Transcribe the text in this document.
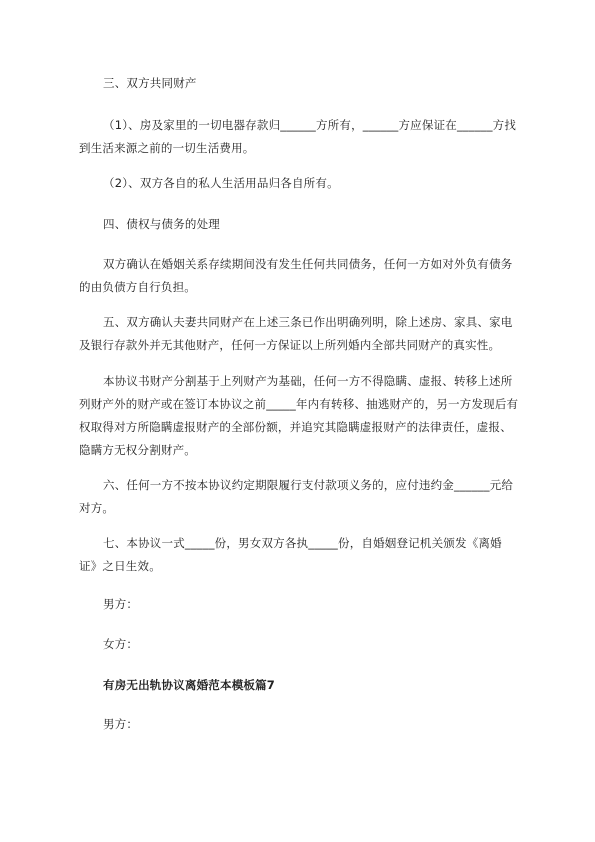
三、双方共同财产

（1）、房及家里的一切电器存款归______方所有，______方应保证在______方找到生活来源之前的一切生活费用。

（2）、双方各自的私人生活用品归各自所有。

四、债权与债务的处理

双方确认在婚姻关系存续期间没有发生任何共同债务，任何一方如对外负有债务的由负债方自行负担。

五、双方确认夫妻共同财产在上述三条已作出明确列明，除上述房、家具、家电及银行存款外并无其他财产，任何一方保证以上所列婚内全部共同财产的真实性。

本协议书财产分割基于上列财产为基础，任何一方不得隐瞒、虚报、转移上述所列财产外的财产或在签订本协议之前_____年内有转移、抽逃财产的，另一方发现后有权取得对方所隐瞒虚报财产的全部份额，并追究其隐瞒虚报财产的法律责任，虚报、隐瞒方无权分割财产。

六、任何一方不按本协议约定期限履行支付款项义务的，应付违约金______元给对方。

七、本协议一式_____份，男女双方各执_____份，自婚姻登记机关颁发《离婚证》之日生效。

男方：

女方：

有房无出轨协议离婚范本模板篇7

男方：
